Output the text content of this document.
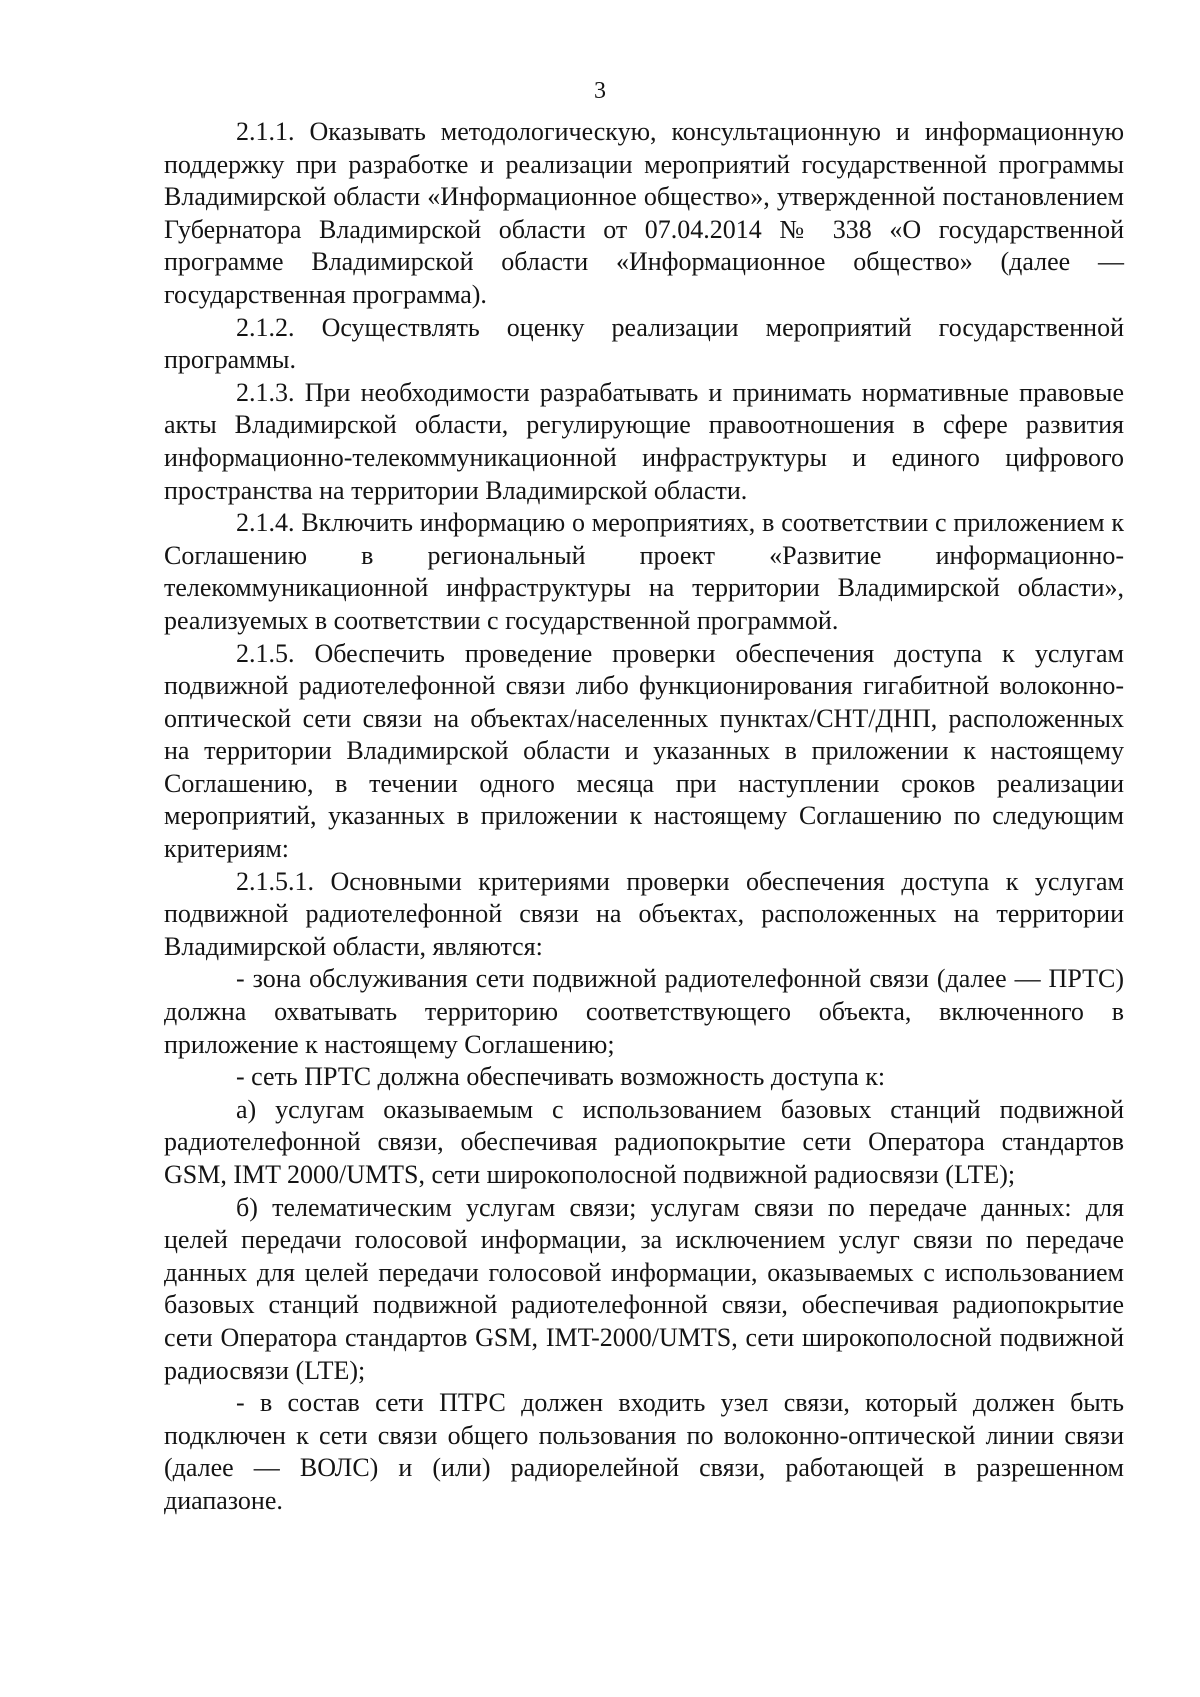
3

2.1.1. Оказывать методологическую, консультационную и информационную поддержку при разработке и реализации мероприятий государственной программы Владимирской области «Информационное общество», утвержденной постановлением Губернатора Владимирской области от 07.04.2014 № 338 «О государственной программе Владимирской области «Информационное общество» (далее — государственная программа).

2.1.2. Осуществлять оценку реализации мероприятий государственной программы.

2.1.3. При необходимости разрабатывать и принимать нормативные правовые акты Владимирской области, регулирующие правоотношения в сфере развития информационно-телекоммуникационной инфраструктуры и единого цифрового пространства на территории Владимирской области.

2.1.4. Включить информацию о мероприятиях, в соответствии с приложением к Соглашению в региональный проект «Развитие информационно-телекоммуникационной инфраструктуры на территории Владимирской области», реализуемых в соответствии с государственной программой.

2.1.5. Обеспечить проведение проверки обеспечения доступа к услугам подвижной радиотелефонной связи либо функционирования гигабитной волоконно-оптической сети связи на объектах/населенных пунктах/СНТ/ДНП, расположенных на территории Владимирской области и указанных в приложении к настоящему Соглашению, в течении одного месяца при наступлении сроков реализации мероприятий, указанных в приложении к настоящему Соглашению по следующим критериям:

2.1.5.1. Основными критериями проверки обеспечения доступа к услугам подвижной радиотелефонной связи на объектах, расположенных на территории Владимирской области, являются:

- зона обслуживания сети подвижной радиотелефонной связи (далее — ПРТС) должна охватывать территорию соответствующего объекта, включенного в приложение к настоящему Соглашению;

- сеть ПРТС должна обеспечивать возможность доступа к:

а) услугам оказываемым с использованием базовых станций подвижной радиотелефонной связи, обеспечивая радиопокрытие сети Оператора стандартов GSM, IMT 2000/UMTS, сети широкополосной подвижной радиосвязи (LTE);

б) телематическим услугам связи; услугам связи по передаче данных: для целей передачи голосовой информации, за исключением услуг связи по передаче данных для целей передачи голосовой информации, оказываемых с использованием базовых станций подвижной радиотелефонной связи, обеспечивая радиопокрытие сети Оператора стандартов GSM, IMT-2000/UMTS, сети широкополосной подвижной радиосвязи (LTE);

- в состав сети ПТРС должен входить узел связи, который должен быть подключен к сети связи общего пользования по волоконно-оптической линии связи (далее — ВОЛС) и (или) радиорелейной связи, работающей в разрешенном диапазоне.
